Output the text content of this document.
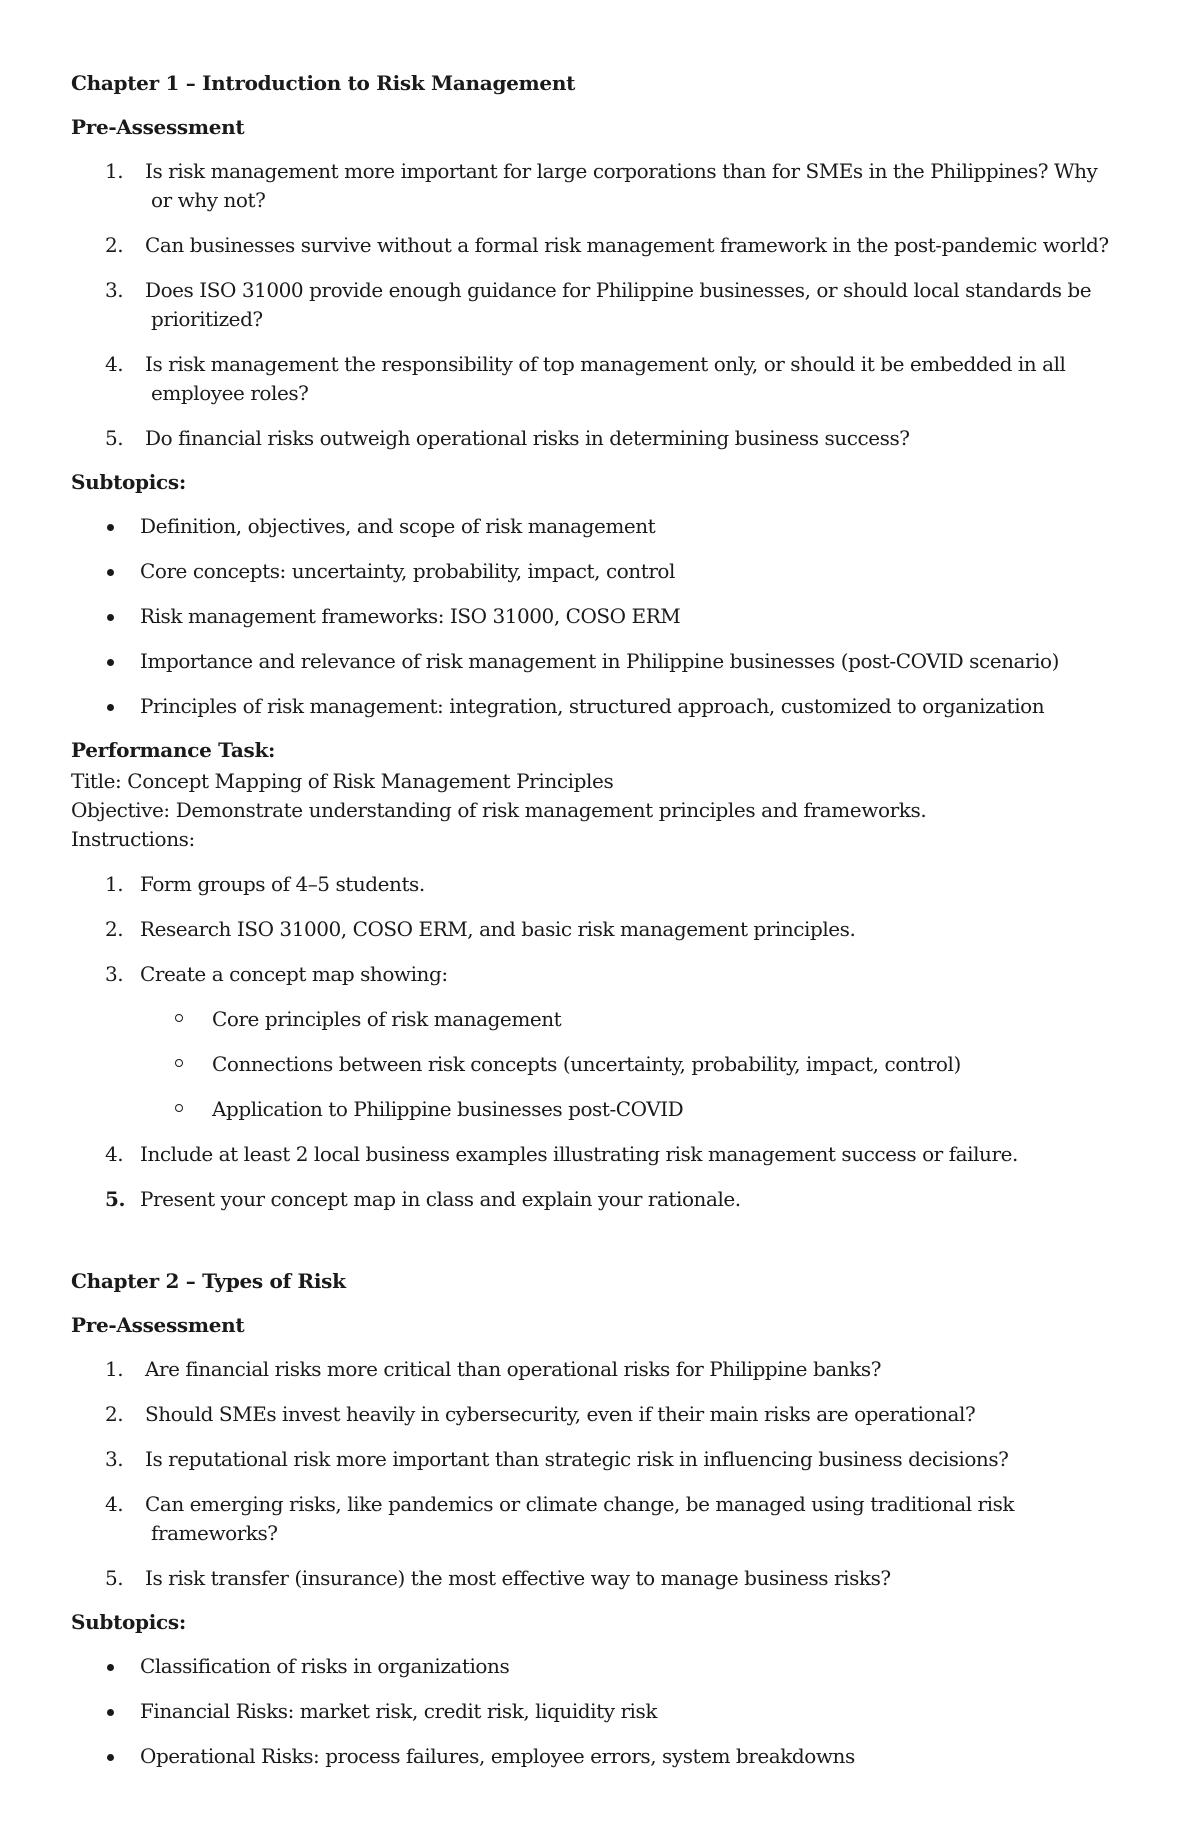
Chapter 1 – Introduction to Risk Management
Pre-Assessment
1. Is risk management more important for large corporations than for SMEs in the Philippines? Why or why not?
2. Can businesses survive without a formal risk management framework in the post-pandemic world?
3. Does ISO 31000 provide enough guidance for Philippine businesses, or should local standards be prioritized?
4. Is risk management the responsibility of top management only, or should it be embedded in all employee roles?
5. Do financial risks outweigh operational risks in determining business success?
Subtopics:
Definition, objectives, and scope of risk management
Core concepts: uncertainty, probability, impact, control
Risk management frameworks: ISO 31000, COSO ERM
Importance and relevance of risk management in Philippine businesses (post-COVID scenario)
Principles of risk management: integration, structured approach, customized to organization
Performance Task:
Title: Concept Mapping of Risk Management Principles
Objective: Demonstrate understanding of risk management principles and frameworks.
Instructions:
1. Form groups of 4–5 students.
2. Research ISO 31000, COSO ERM, and basic risk management principles.
3. Create a concept map showing:
Core principles of risk management
Connections between risk concepts (uncertainty, probability, impact, control)
Application to Philippine businesses post-COVID
4. Include at least 2 local business examples illustrating risk management success or failure.
5. Present your concept map in class and explain your rationale.
Chapter 2 – Types of Risk
Pre-Assessment
1. Are financial risks more critical than operational risks for Philippine banks?
2. Should SMEs invest heavily in cybersecurity, even if their main risks are operational?
3. Is reputational risk more important than strategic risk in influencing business decisions?
4. Can emerging risks, like pandemics or climate change, be managed using traditional risk frameworks?
5. Is risk transfer (insurance) the most effective way to manage business risks?
Subtopics:
Classification of risks in organizations
Financial Risks: market risk, credit risk, liquidity risk
Operational Risks: process failures, employee errors, system breakdowns
